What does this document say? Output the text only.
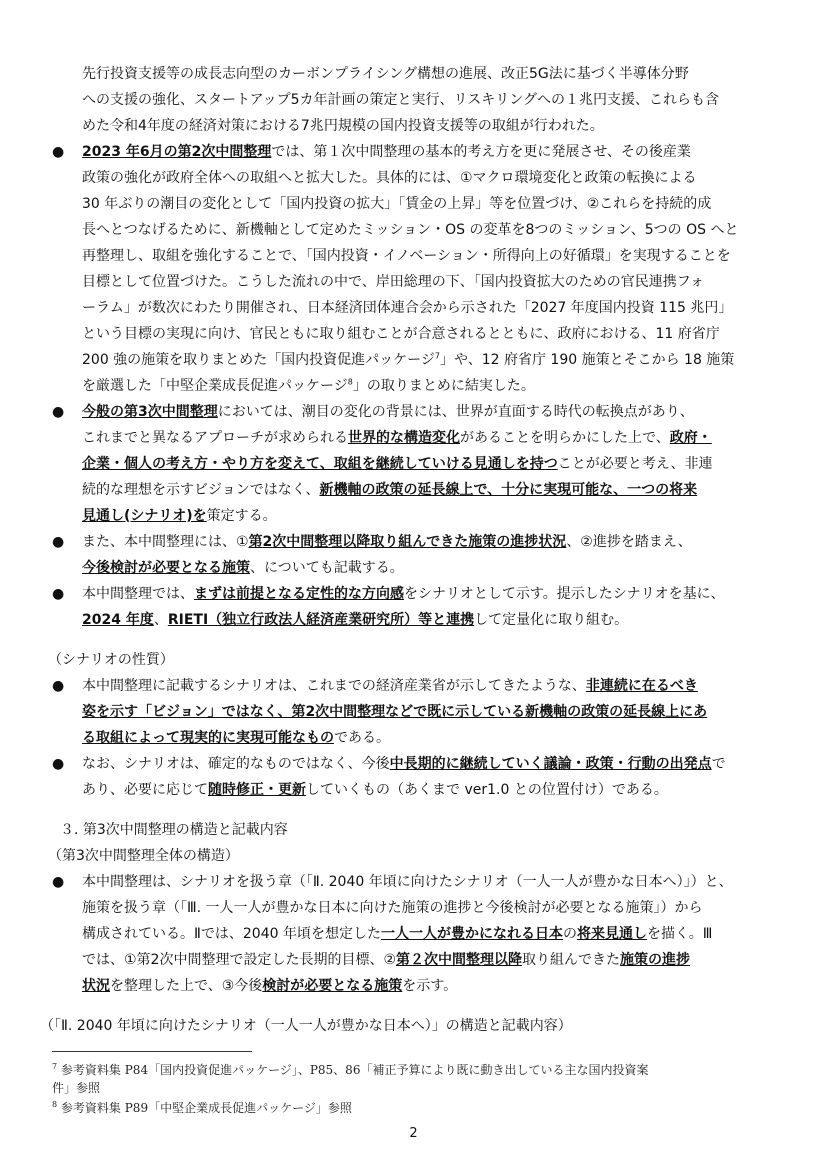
先行投資支援等の成長志向型のカーボンプライシング構想の進展、改正5G法に基づく半導体分野
への支援の強化、スタートアップ5カ年計画の策定と実行、リスキリングへの１兆円支援、これらも含
めた令和4年度の経済対策における7兆円規模の国内投資支援等の取組が行われた。
● 2023 年6月の第2次中間整理では、第１次中間整理の基本的考え方を更に発展させ、その後産業
政策の強化が政府全体への取組へと拡大した。具体的には、①マクロ環境変化と政策の転換による
30 年ぶりの潮目の変化として「国内投資の拡大」「賃金の上昇」等を位置づけ、②これらを持続的成
長へとつなげるために、新機軸として定めたミッション・OS の変革を8つのミッション、5つの OS へと
再整理し、取組を強化することで、「国内投資・イノベーション・所得向上の好循環」を実現することを
目標として位置づけた。こうした流れの中で、岸田総理の下、「国内投資拡大のための官民連携フォ
ーラム」が数次にわたり開催され、日本経済団体連合会から示された「2027 年度国内投資 115 兆円」
という目標の実現に向け、官民ともに取り組むことが合意されるとともに、政府における、11 府省庁
200 強の施策を取りまとめた「国内投資促進パッケージ$^7$」や、12 府省庁 190 施策とそこから 18 施策
を厳選した「中堅企業成長促進パッケージ$^8$」の取りまとめに結実した。
● 今般の第3次中間整理においては、潮目の変化の背景には、世界が直面する時代の転換点があり、
これまでと異なるアプローチが求められる世界的な構造変化があることを明らかにした上で、政府・
企業・個人の考え方・やり方を変えて、取組を継続していける見通しを持つことが必要と考え、非連
続的な理想を示すビジョンではなく、新機軸の政策の延長線上で、十分に実現可能な、一つの将来
見通し(シナリオ)を策定する。
● また、本中間整理には、①第2次中間整理以降取り組んできた施策の進捗状況、②進捗を踏まえ、
今後検討が必要となる施策、についても記載する。
● 本中間整理では、まずは前提となる定性的な方向感をシナリオとして示す。提示したシナリオを基に、
2024 年度、RIETI（独立行政法人経済産業研究所）等と連携して定量化に取り組む。
（シナリオの性質）
● 本中間整理に記載するシナリオは、これまでの経済産業省が示してきたような、非連続に在るべき
姿を示す「ビジョン」ではなく、第2次中間整理などで既に示している新機軸の政策の延長線上にあ
る取組によって現実的に実現可能なものである。
● なお、シナリオは、確定的なものではなく、今後中長期的に継続していく議論・政策・行動の出発点で
あり、必要に応じて随時修正・更新していくもの（あくまで ver1.0 との位置付け）である。
３. 第3次中間整理の構造と記載内容
（第3次中間整理全体の構造）
● 本中間整理は、シナリオを扱う章（「Ⅱ. 2040 年頃に向けたシナリオ（一人一人が豊かな日本へ）」）と、
施策を扱う章（「Ⅲ. 一人一人が豊かな日本に向けた施策の進捗と今後検討が必要となる施策」）から
構成されている。Ⅱでは、2040 年頃を想定した一人一人が豊かになれる日本の将来見通しを描く。Ⅲ
では、①第2次中間整理で設定した長期的目標、②第２次中間整理以降取り組んできた施策の進捗
状況を整理した上で、③今後検討が必要となる施策を示す。
（「Ⅱ. 2040 年頃に向けたシナリオ（一人一人が豊かな日本へ）」の構造と記載内容）
$^7$ 参考資料集 P84「国内投資促進パッケージ」、P85、86「補正予算により既に動き出している主な国内投資案
件」参照
$^8$ 参考資料集 P89「中堅企業成長促進パッケージ」参照
2
